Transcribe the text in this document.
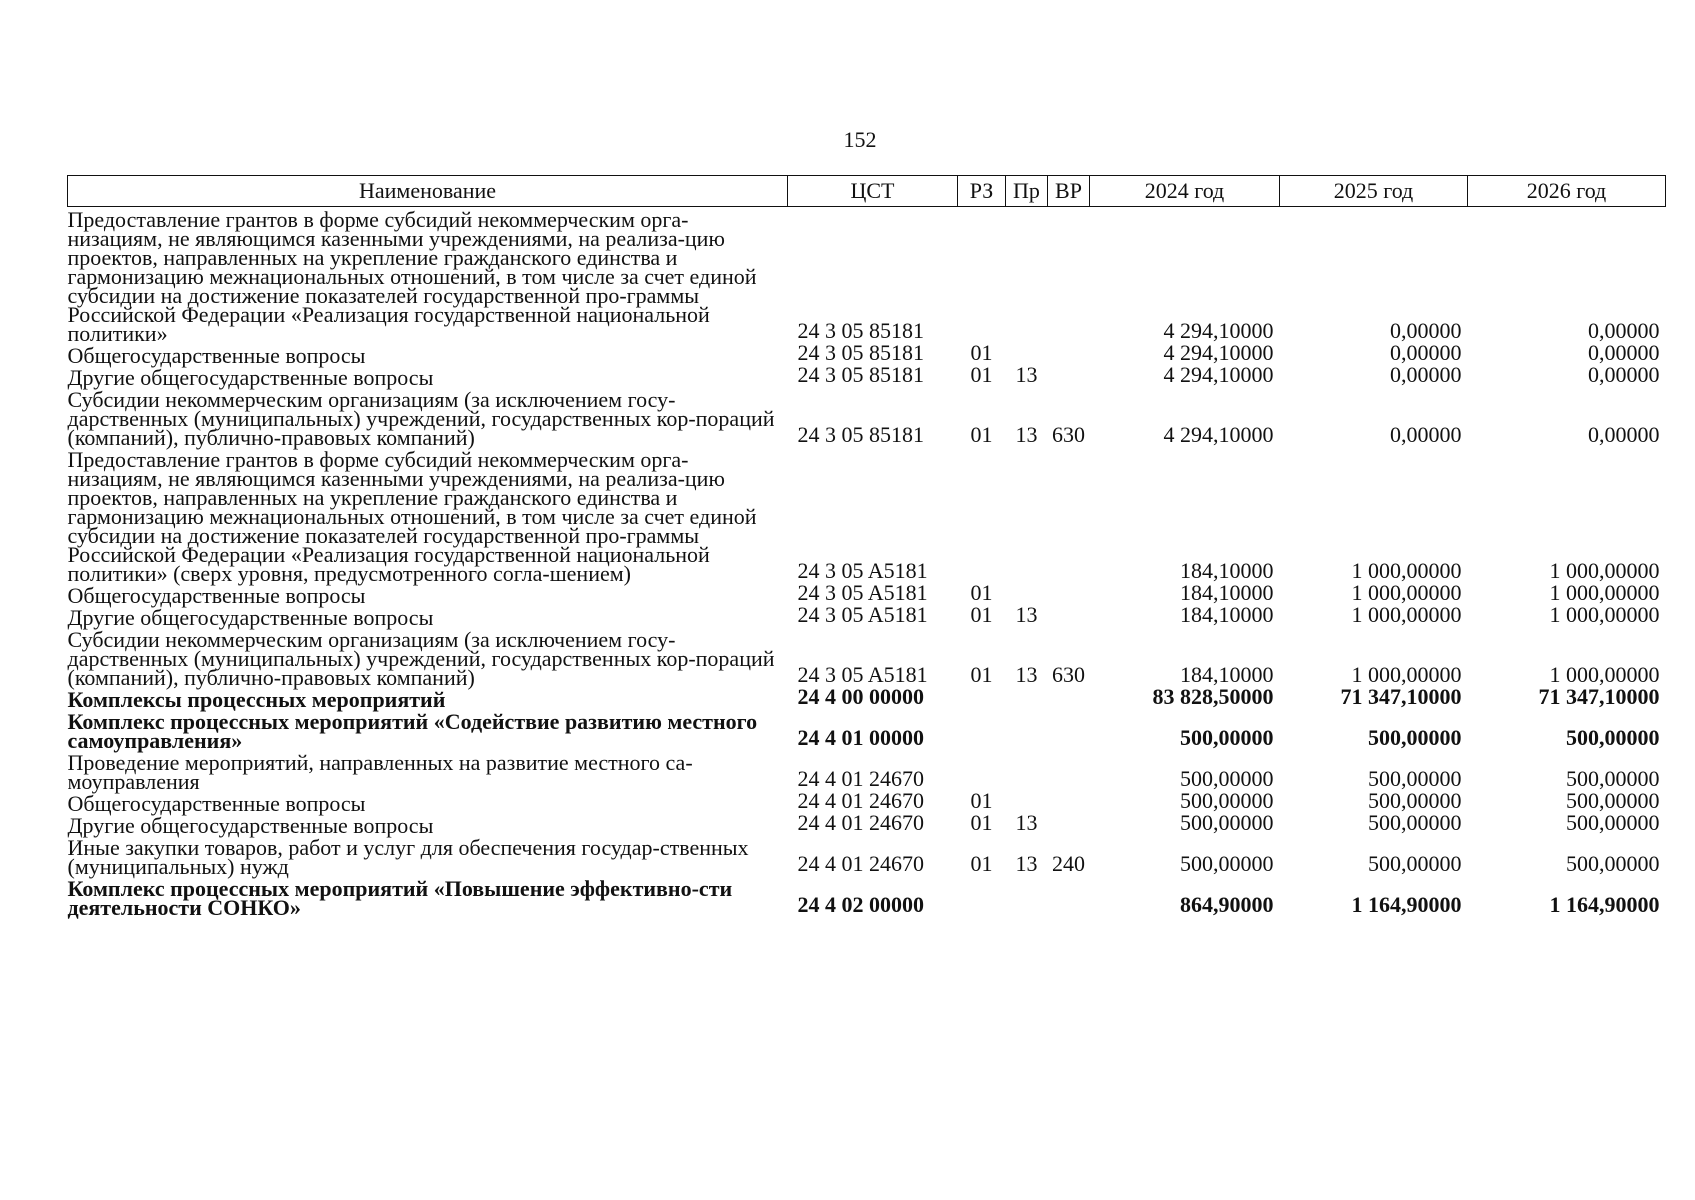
152
Наименование	ЦСТ	РЗ	Пр	ВР	2024 год	2025 год	2026 год
Предоставление грантов в форме субсидий некоммерческим орга-низациям, не являющимся казенными учреждениями, на реализа-цию проектов, направленных на укрепление гражданского единства и гармонизацию межнациональных отношений, в том числе за счет единой субсидии на достижение показателей государственной про-граммы Российской Федерации «Реализация государственной национальной политики»	24 3 05 85181				4 294,10000	0,00000	0,00000
Общегосударственные вопросы	24 3 05 85181	01			4 294,10000	0,00000	0,00000
Другие общегосударственные вопросы	24 3 05 85181	01	13		4 294,10000	0,00000	0,00000
Субсидии некоммерческим организациям (за исключением госу-дарственных (муниципальных) учреждений, государственных кор-пораций (компаний), публично-правовых компаний)	24 3 05 85181	01	13	630	4 294,10000	0,00000	0,00000
Предоставление грантов в форме субсидий некоммерческим орга-низациям, не являющимся казенными учреждениями, на реализа-цию проектов, направленных на укрепление гражданского единства и гармонизацию межнациональных отношений, в том числе за счет единой субсидии на достижение показателей государственной про-граммы Российской Федерации «Реализация государственной национальной политики» (сверх уровня, предусмотренного согла-шением)	24 3 05 A5181				184,10000	1 000,00000	1 000,00000
Общегосударственные вопросы	24 3 05 A5181	01			184,10000	1 000,00000	1 000,00000
Другие общегосударственные вопросы	24 3 05 A5181	01	13		184,10000	1 000,00000	1 000,00000
Субсидии некоммерческим организациям (за исключением госу-дарственных (муниципальных) учреждений, государственных кор-пораций (компаний), публично-правовых компаний)	24 3 05 A5181	01	13	630	184,10000	1 000,00000	1 000,00000
Комплексы процессных мероприятий	24 4 00 00000				83 828,50000	71 347,10000	71 347,10000
Комплекс процессных мероприятий «Содействие развитию местного самоуправления»	24 4 01 00000				500,00000	500,00000	500,00000
Проведение мероприятий, направленных на развитие местного са-моуправления	24 4 01 24670				500,00000	500,00000	500,00000
Общегосударственные вопросы	24 4 01 24670	01			500,00000	500,00000	500,00000
Другие общегосударственные вопросы	24 4 01 24670	01	13		500,00000	500,00000	500,00000
Иные закупки товаров, работ и услуг для обеспечения государ-ственных (муниципальных) нужд	24 4 01 24670	01	13	240	500,00000	500,00000	500,00000
Комплекс процессных мероприятий «Повышение эффективно-сти деятельности СОНКО»	24 4 02 00000				864,90000	1 164,90000	1 164,90000
